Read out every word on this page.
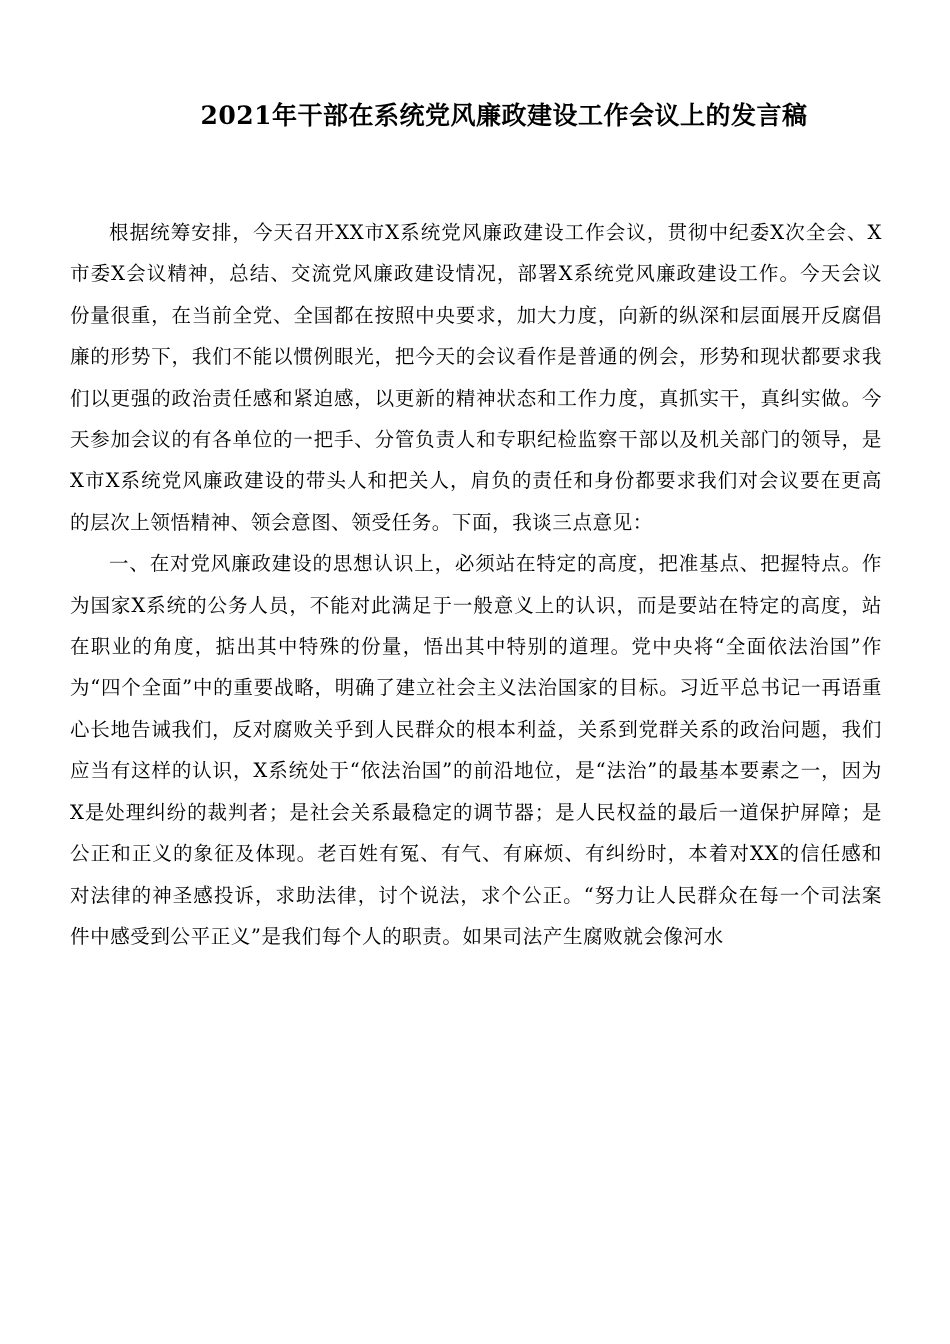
2021年干部在系统党风廉政建设工作会议上的发言稿

根据统筹安排，今天召开XX市X系统党风廉政建设工作会议，贯彻中纪委X次全会、X市委X会议精神，总结、交流党风廉政建设情况，部署X系统党风廉政建设工作。今天会议份量很重，在当前全党、全国都在按照中央要求，加大力度，向新的纵深和层面展开反腐倡廉的形势下，我们不能以惯例眼光，把今天的会议看作是普通的例会，形势和现状都要求我们以更强的政治责任感和紧迫感，以更新的精神状态和工作力度，真抓实干，真纠实做。今天参加会议的有各单位的一把手、分管负责人和专职纪检监察干部以及机关部门的领导，是X市X系统党风廉政建设的带头人和把关人，肩负的责任和身份都要求我们对会议要在更高的层次上领悟精神、领会意图、领受任务。下面，我谈三点意见：

一、在对党风廉政建设的思想认识上，必须站在特定的高度，把准基点、把握特点。作为国家X系统的公务人员，不能对此满足于一般意义上的认识，而是要站在特定的高度，站在职业的角度，掂出其中特殊的份量，悟出其中特别的道理。党中央将“全面依法治国”作为“四个全面”中的重要战略，明确了建立社会主义法治国家的目标。习近平总书记一再语重心长地告诫我们，反对腐败关乎到人民群众的根本利益，关系到党群关系的政治问题，我们应当有这样的认识，X系统处于“依法治国”的前沿地位，是“法治”的最基本要素之一，因为X是处理纠纷的裁判者；是社会关系最稳定的调节器；是人民权益的最后一道保护屏障；是公正和正义的象征及体现。老百姓有冤、有气、有麻烦、有纠纷时，本着对XX的信任感和对法律的神圣感投诉，求助法律，讨个说法，求个公正。“努力让人民群众在每一个司法案件中感受到公平正义”是我们每个人的职责。如果司法产生腐败就会像河水
